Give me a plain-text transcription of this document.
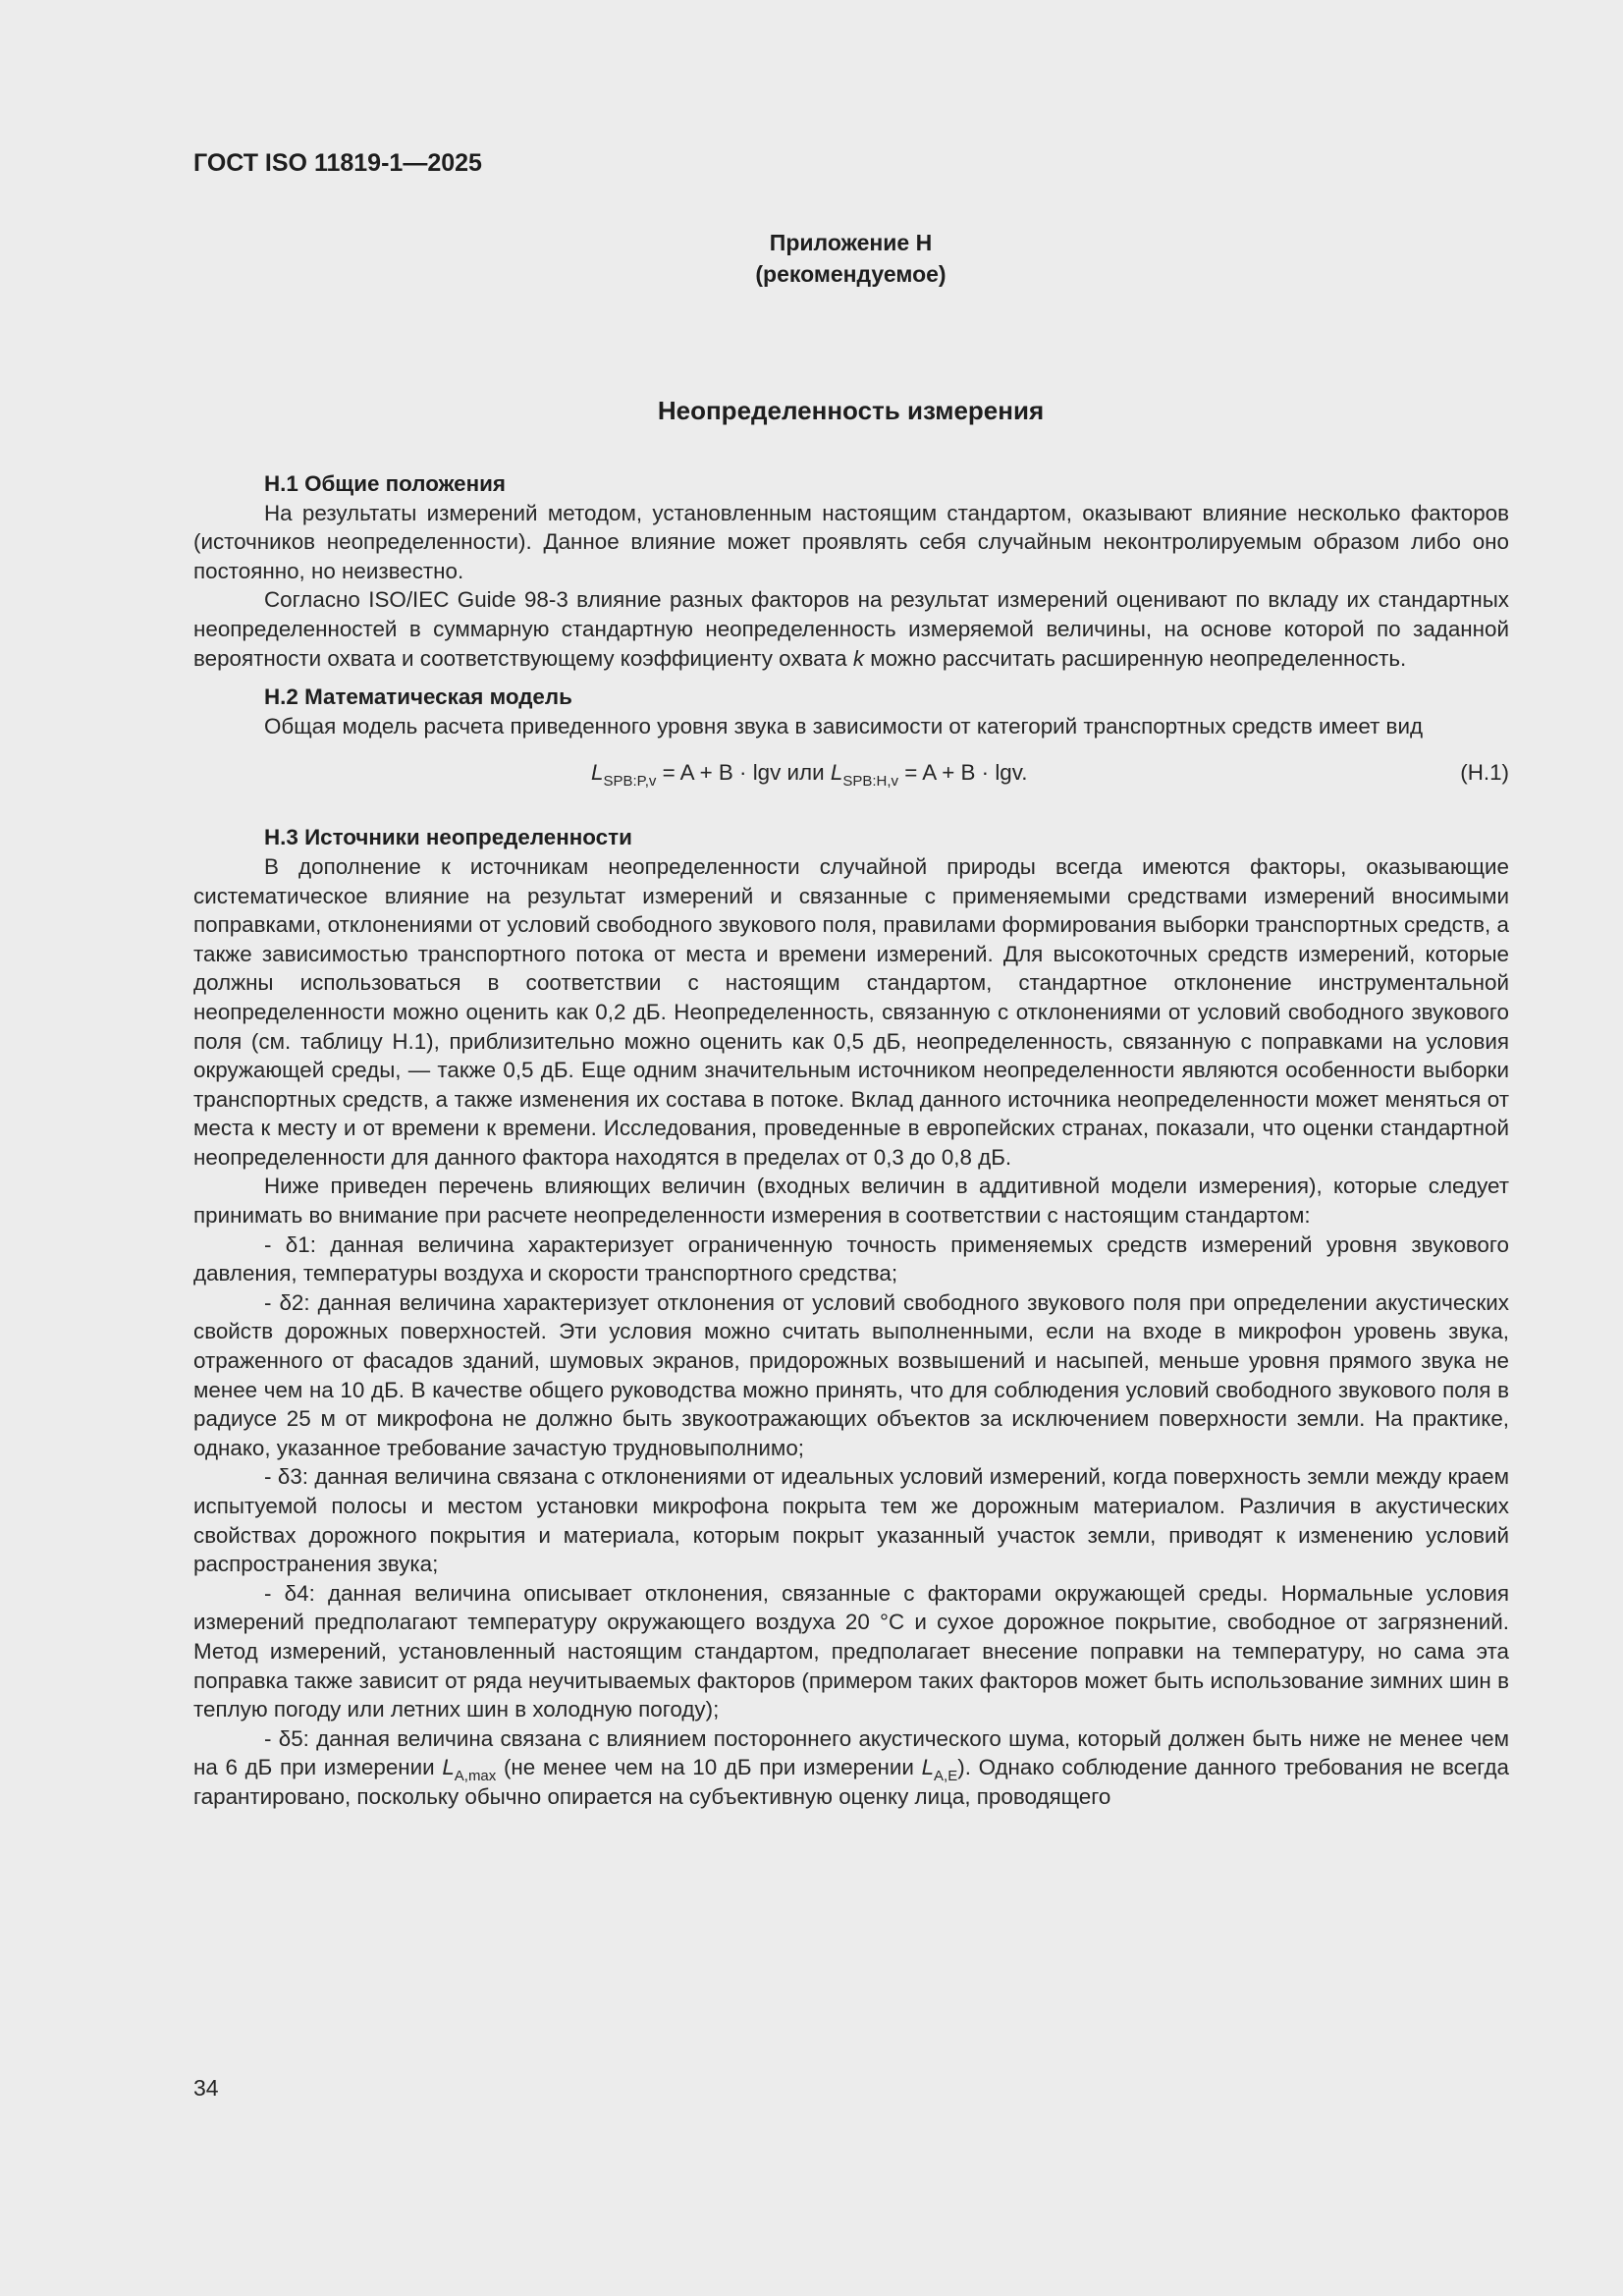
ГОСТ ISO 11819-1—2025
Приложение Н
(рекомендуемое)
Неопределенность измерения
Н.1 Общие положения

На результаты измерений методом, установленным настоящим стандартом, оказывают влияние несколько факторов (источников неопределенности). Данное влияние может проявлять себя случайным неконтролируемым образом либо оно постоянно, но неизвестно.

Согласно ISO/IEC Guide 98-3 влияние разных факторов на результат измерений оценивают по вкладу их стандартных неопределенностей в суммарную стандартную неопределенность измеряемой величины, на основе которой по заданной вероятности охвата и соответствующему коэффициенту охвата k можно рассчитать расширенную неопределенность.

Н.2 Математическая модель

Общая модель расчета приведенного уровня звука в зависимости от категорий транспортных средств имеет вид

$L_{SPB:P,v} = A + B \cdot \lg v$ или $L_{SPB:H,v} = A + B \cdot \lg v$.	(Н.1)
Н.3 Источники неопределенности

В дополнение к источникам неопределенности случайной природы всегда имеются факторы, оказывающие систематическое влияние на результат измерений и связанные с применяемыми средствами измерений вносимыми поправками, отклонениями от условий свободного звукового поля, правилами формирования выборки транспортных средств, а также зависимостью транспортного потока от места и времени измерений. Для высокоточных средств измерений, которые должны использоваться в соответствии с настоящим стандартом, стандартное отклонение инструментальной неопределенности можно оценить как 0,2 дБ. Неопределенность, связанную с отклонениями от условий свободного звукового поля (см. таблицу Н.1), приблизительно можно оценить как 0,5 дБ, неопределенность, связанную с поправками на условия окружающей среды, — также 0,5 дБ. Еще одним значительным источником неопределенности являются особенности выборки транспортных средств, а также изменения их состава в потоке. Вклад данного источника неопределенности может меняться от места к месту и от времени к времени. Исследования, проведенные в европейских странах, показали, что оценки стандартной неопределенности для данного фактора находятся в пределах от 0,3 до 0,8 дБ.

Ниже приведен перечень влияющих величин (входных величин в аддитивной модели измерения), которые следует принимать во внимание при расчете неопределенности измерения в соответствии с настоящим стандартом:

- δ1: данная величина характеризует ограниченную точность применяемых средств измерений уровня звукового давления, температуры воздуха и скорости транспортного средства;

- δ2: данная величина характеризует отклонения от условий свободного звукового поля при определении акустических свойств дорожных поверхностей. Эти условия можно считать выполненными, если на входе в микрофон уровень звука, отраженного от фасадов зданий, шумовых экранов, придорожных возвышений и насыпей, меньше уровня прямого звука не менее чем на 10 дБ. В качестве общего руководства можно принять, что для соблюдения условий свободного звукового поля в радиусе 25 м от микрофона не должно быть звукоотражающих объектов за исключением поверхности земли. На практике, однако, указанное требование зачастую трудновыполнимо;

- δ3: данная величина связана с отклонениями от идеальных условий измерений, когда поверхность земли между краем испытуемой полосы и местом установки микрофона покрыта тем же дорожным материалом. Различия в акустических свойствах дорожного покрытия и материала, которым покрыт указанный участок земли, приводят к изменению условий распространения звука;

- δ4: данная величина описывает отклонения, связанные с факторами окружающей среды. Нормальные условия измерений предполагают температуру окружающего воздуха 20 °С и сухое дорожное покрытие, свободное от загрязнений. Метод измерений, установленный настоящим стандартом, предполагает внесение поправки на температуру, но сама эта поправка также зависит от ряда неучитываемых факторов (примером таких факторов может быть использование зимних шин в теплую погоду или летних шин в холодную погоду);

- δ5: данная величина связана с влиянием постороннего акустического шума, который должен быть ниже не менее чем на 6 дБ при измерении $L_{A,max}$ (не менее чем на 10 дБ при измерении $L_{A,E}$). Однако соблюдение данного требования не всегда гарантировано, поскольку обычно опирается на субъективную оценку лица, проводящего

34
